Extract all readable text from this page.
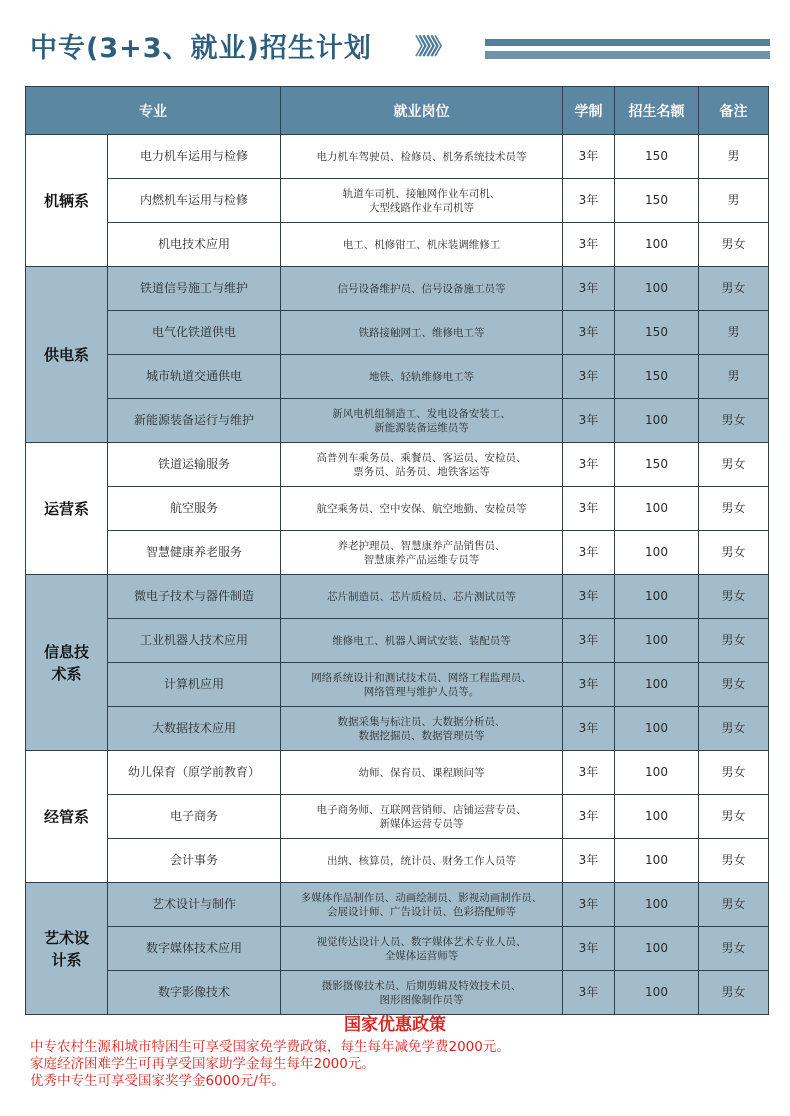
中专(3+3、就业)招生计划 》》》》》
专业		就业岗位	学制	招生名额	备注
机辆系	电力机车运用与检修	电力机车驾驶员、检修员、机务系统技术员等	3年	150	男
	内燃机车运用与检修	轨道车司机、接触网作业车司机、
大型线路作业车司机等	3年	150	男
	机电技术应用	电工、机修钳工、机床装调维修工	3年	100	男女
供电系	铁道信号施工与维护	信号设备维护员、信号设备施工员等	3年	100	男女
	电气化铁道供电	铁路接触网工、维修电工等	3年	150	男
	城市轨道交通供电	地铁、轻轨维修电工等	3年	150	男
	新能源装备运行与维护	新风电机组制造工、发电设备安装工、
新能源装备运维员等	3年	100	男女
运营系	铁道运输服务	高普列车乘务员、乘餐员、客运员、安检员、
票务员、站务员、地铁客运等	3年	150	男女
	航空服务	航空乘务员、空中安保、航空地勤、安检员等	3年	100	男女
	智慧健康养老服务	养老护理员、智慧康养产品销售员、
智慧康养产品运维专员等	3年	100	男女
信息技
术系	微电子技术与器件制造	芯片制造员、芯片质检员、芯片测试员等	3年	100	男女
	工业机器人技术应用	维修电工、机器人调试安装、装配员等	3年	100	男女
	计算机应用	网络系统设计和测试技术员、网络工程监理员、
网络管理与维护人员等。	3年	100	男女
	大数据技术应用	数据采集与标注员、大数据分析员、
数据挖掘员、数据管理员等	3年	100	男女
经管系	幼儿保育（原学前教育）	幼师、保育员、课程顾问等	3年	100	男女
	电子商务	电子商务师、互联网营销师、店铺运营专员、
新媒体运营专员等	3年	100	男女
	会计事务	出纳、核算员，统计员、财务工作人员等	3年	100	男女
艺术设
计系	艺术设计与制作	多媒体作品制作员、动画绘制员、影视动画制作员、
会展设计师、广告设计员、色彩搭配师等	3年	100	男女
	数字媒体技术应用	视觉传达设计人员、数字媒体艺术专业人员、
全媒体运营师等	3年	100	男女
	数字影像技术	摄影摄像技术员、后期剪辑及特效技术员、
图形图像制作员等	3年	100	男女
国家优惠政策
中专农村生源和城市特困生可享受国家免学费政策，每生每年减免学费2000元。
家庭经济困难学生可再享受国家助学金每生每年2000元。
优秀中专生可享受国家奖学金6000元/年。
